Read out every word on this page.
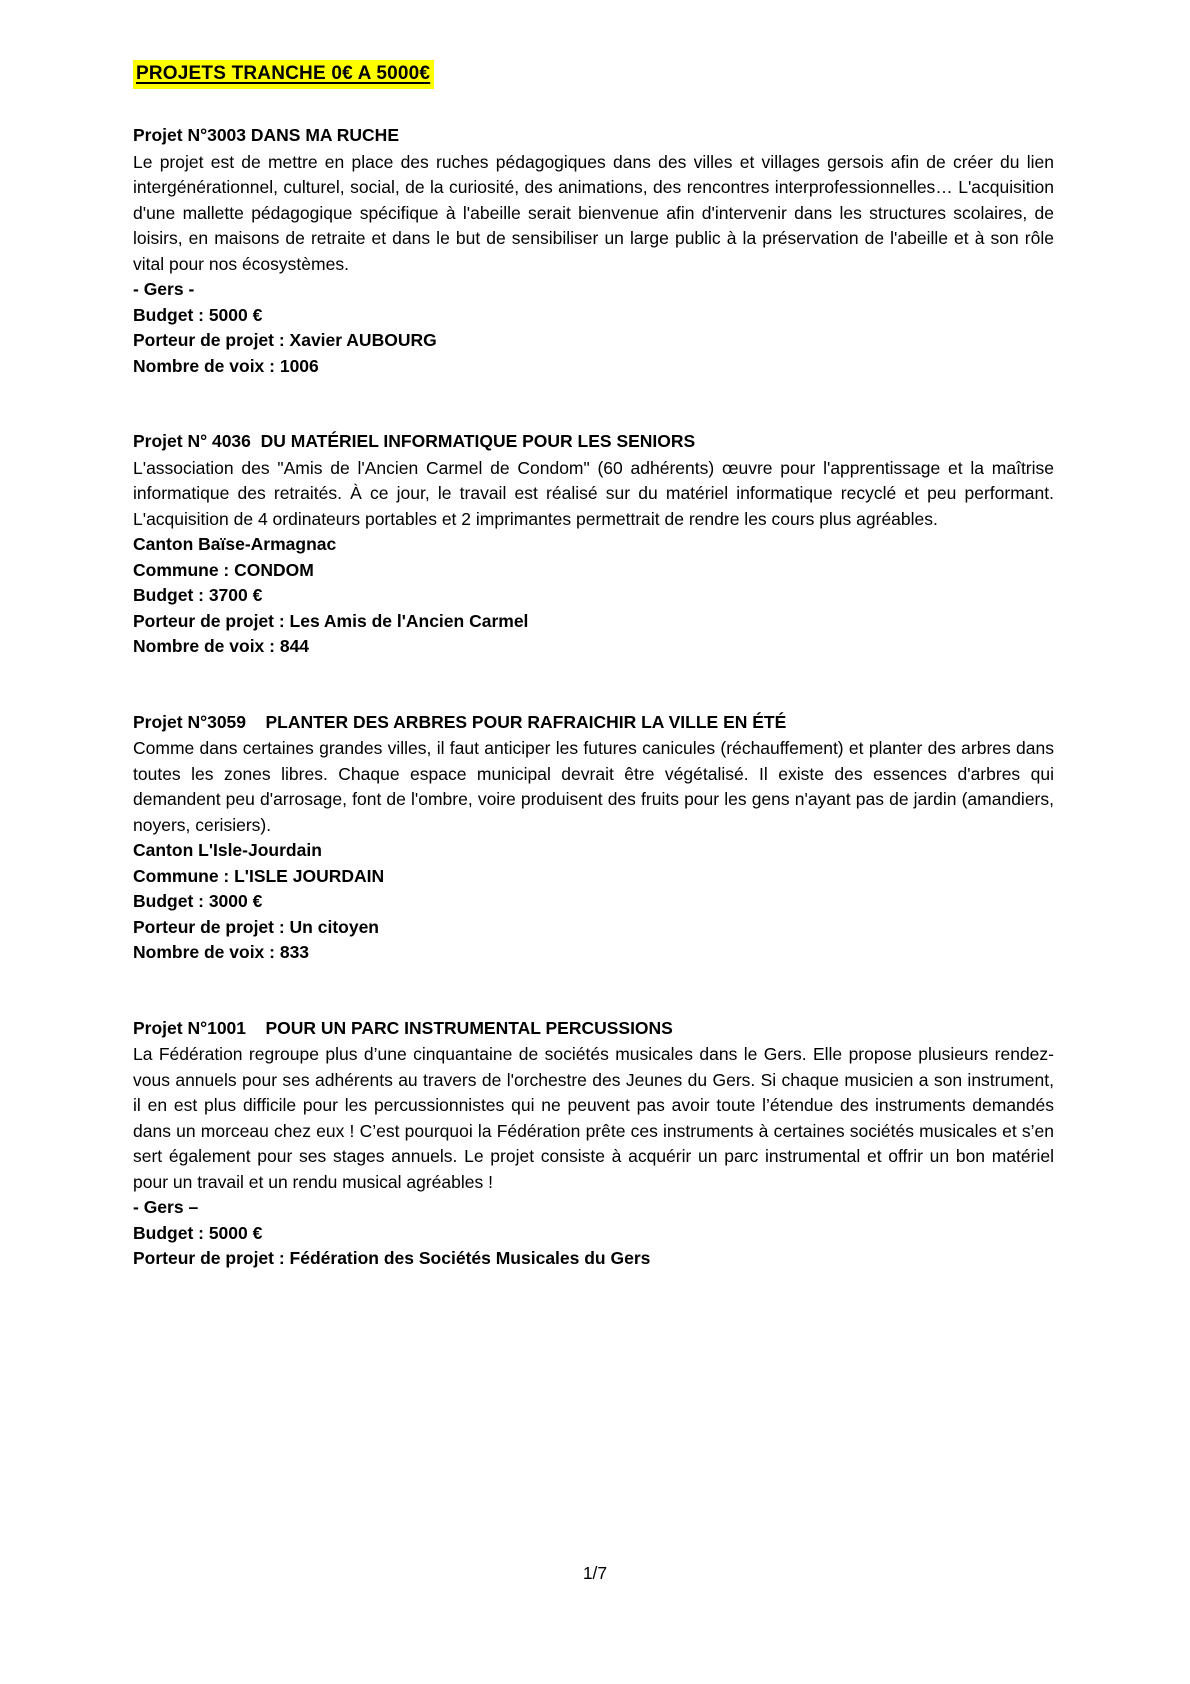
PROJETS TRANCHE 0€ A 5000€
Projet N°3003 DANS MA RUCHE

Le projet est de mettre en place des ruches pédagogiques dans des villes et villages gersois afin de créer du lien intergénérationnel, culturel, social, de la curiosité, des animations, des rencontres interprofessionnelles… L'acquisition d'une mallette pédagogique spécifique à l'abeille serait bienvenue afin d'intervenir dans les structures scolaires, de loisirs, en maisons de retraite et dans le but de sensibiliser un large public à la préservation de l'abeille et à son rôle vital pour nos écosystèmes.

- Gers -
Budget : 5000 €
Porteur de projet : Xavier AUBOURG
Nombre de voix : 1006
Projet N° 4036  DU MATÉRIEL INFORMATIQUE POUR LES SENIORS

L'association des "Amis de l'Ancien Carmel de Condom" (60 adhérents) œuvre pour l'apprentissage et la maîtrise informatique des retraités. À ce jour, le travail est réalisé sur du matériel informatique recyclé et peu performant. L'acquisition de 4 ordinateurs portables et 2 imprimantes permettrait de rendre les cours plus agréables.

Canton Baïse-Armagnac
Commune : CONDOM
Budget : 3700 €
Porteur de projet : Les Amis de l'Ancien Carmel
Nombre de voix : 844
Projet N°3059    PLANTER DES ARBRES POUR RAFRAICHIR LA VILLE EN ÉTÉ

Comme dans certaines grandes villes, il faut anticiper les futures canicules (réchauffement) et planter des arbres dans toutes les zones libres. Chaque espace municipal devrait être végétalisé. Il existe des essences d'arbres qui demandent peu d'arrosage, font de l'ombre, voire produisent des fruits pour les gens n'ayant pas de jardin (amandiers, noyers, cerisiers).

Canton L'Isle-Jourdain
Commune : L'ISLE JOURDAIN
Budget : 3000 €
Porteur de projet : Un citoyen
Nombre de voix : 833
Projet N°1001    POUR UN PARC INSTRUMENTAL PERCUSSIONS

La Fédération regroupe plus d’une cinquantaine de sociétés musicales dans le Gers. Elle propose plusieurs rendez-vous annuels pour ses adhérents au travers de l'orchestre des Jeunes du Gers. Si chaque musicien a son instrument, il en est plus difficile pour les percussionnistes qui ne peuvent pas avoir toute l’étendue des instruments demandés dans un morceau chez eux ! C’est pourquoi la Fédération prête ces instruments à certaines sociétés musicales et s’en sert également pour ses stages annuels. Le projet consiste à acquérir un parc instrumental et offrir un bon matériel pour un travail et un rendu musical agréables !

- Gers –
Budget : 5000 €
Porteur de projet : Fédération des Sociétés Musicales du Gers
1/7
